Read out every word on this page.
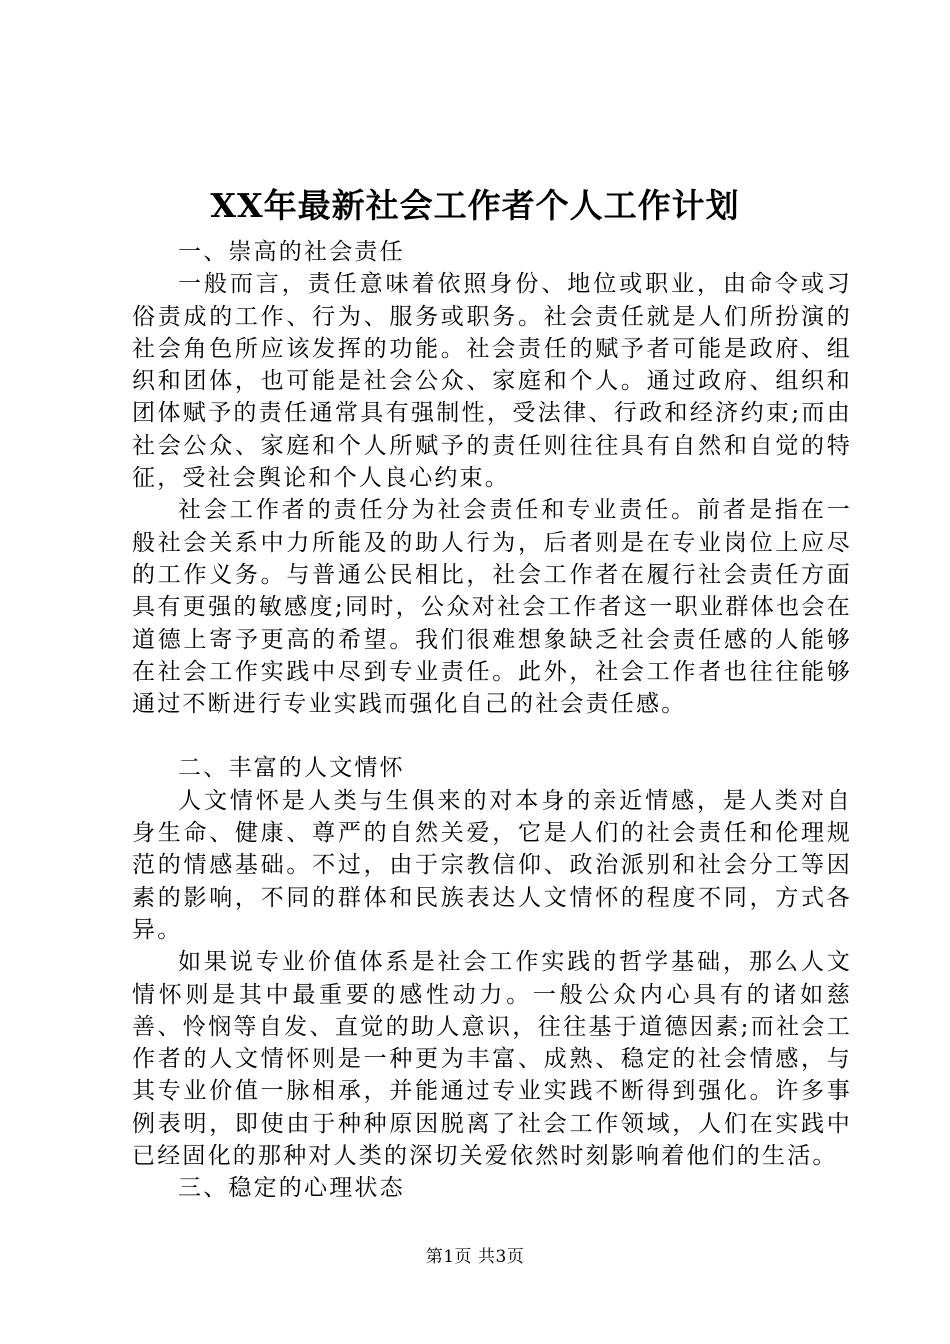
XX年最新社会工作者个人工作计划

一、崇高的社会责任

一般而言，责任意味着依照身份、地位或职业，由命令或习俗责成的工作、行为、服务或职务。社会责任就是人们所扮演的社会角色所应该发挥的功能。社会责任的赋予者可能是政府、组织和团体，也可能是社会公众、家庭和个人。通过政府、组织和团体赋予的责任通常具有强制性，受法律、行政和经济约束;而由社会公众、家庭和个人所赋予的责任则往往具有自然和自觉的特征，受社会舆论和个人良心约束。

社会工作者的责任分为社会责任和专业责任。前者是指在一般社会关系中力所能及的助人行为，后者则是在专业岗位上应尽的工作义务。与普通公民相比，社会工作者在履行社会责任方面具有更强的敏感度;同时，公众对社会工作者这一职业群体也会在道德上寄予更高的希望。我们很难想象缺乏社会责任感的人能够在社会工作实践中尽到专业责任。此外，社会工作者也往往能够通过不断进行专业实践而强化自己的社会责任感。

二、丰富的人文情怀

人文情怀是人类与生俱来的对本身的亲近情感，是人类对自身生命、健康、尊严的自然关爱，它是人们的社会责任和伦理规范的情感基础。不过，由于宗教信仰、政治派别和社会分工等因素的影响，不同的群体和民族表达人文情怀的程度不同，方式各异。

如果说专业价值体系是社会工作实践的哲学基础，那么人文情怀则是其中最重要的感性动力。一般公众内心具有的诸如慈善、怜悯等自发、直觉的助人意识，往往基于道德因素;而社会工作者的人文情怀则是一种更为丰富、成熟、稳定的社会情感，与其专业价值一脉相承，并能通过专业实践不断得到强化。许多事例表明，即使由于种种原因脱离了社会工作领域，人们在实践中已经固化的那种对人类的深切关爱依然时刻影响着他们的生活。

三、稳定的心理状态

第1页 共3页
